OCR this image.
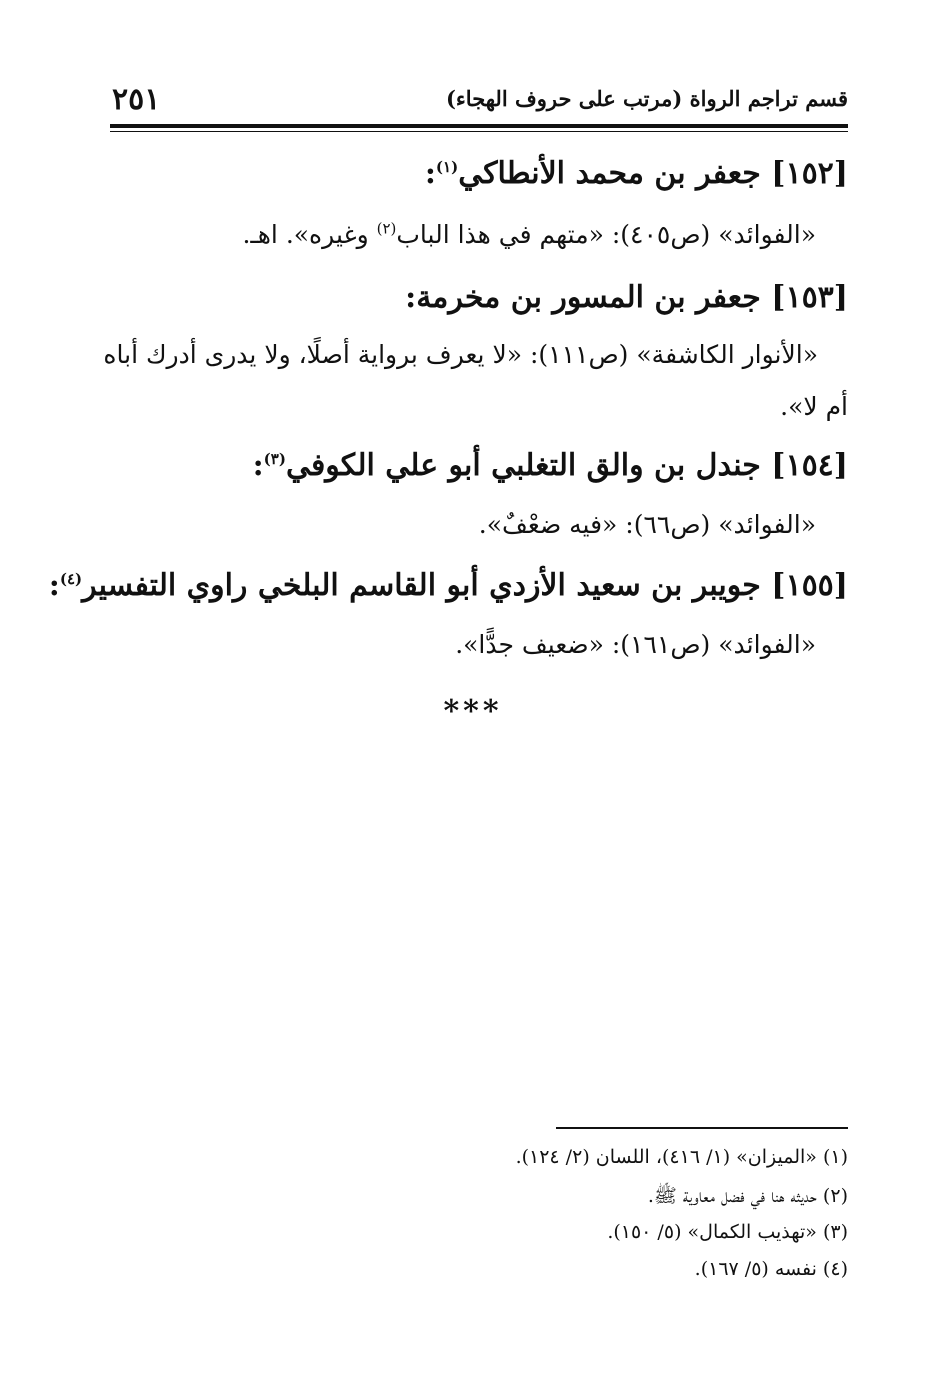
٢٥١	قسم تراجم الرواة (مرتب على حروف الهجاء)
[١٥٢] جعفر بن محمد الأنطاكي$^{(١)}$:
«الفوائد» (ص٤٠٥): «متهم في هذا الباب$^{(٢)}$ وغيره». اهـ.
[١٥٣] جعفر بن المسور بن مخرمة:
«الأنوار الكاشفة» (ص١١١): «لا يعرف برواية أصلًا، ولا يدرى أدرك أباه
أم لا».
[١٥٤] جندل بن والق التغلبي أبو علي الكوفي$^{(٣)}$:
«الفوائد» (ص٦٦): «فيه ضعْفٌ».
[١٥٥] جويبر بن سعيد الأزدي أبو القاسم البلخي راوي التفسير$^{(٤)}$:
«الفوائد» (ص١٦١): «ضعيف جدًّا».
***
(١) «الميزان» (١/ ٤١٦)، اللسان (٢/ ١٢٤).
(٢) حديثه هنا في فضل معاوية ﷺ.
(٣) «تهذيب الكمال» (٥/ ١٥٠).
(٤) نفسه (٥/ ١٦٧).
